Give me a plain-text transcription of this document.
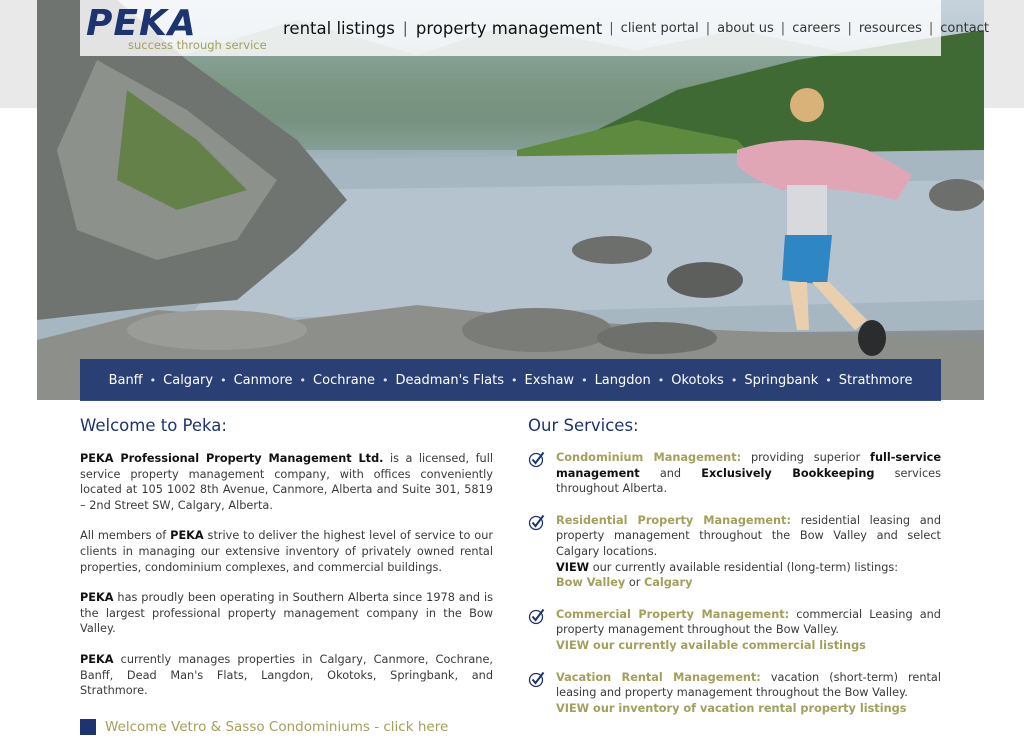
PEKA
success through service
rental listings | property management | client portal | about us | careers | resources | contact
Banff • Calgary • Canmore • Cochrane • Deadman's Flats • Exshaw • Langdon • Okotoks • Springbank • Strathmore
Welcome to Peka:

PEKA Professional Property Management Ltd. is a licensed, full service property management company, with offices conveniently located at 105 1002 8th Avenue, Canmore, Alberta and Suite 301, 5819 – 2nd Street SW, Calgary, Alberta.

All members of PEKA strive to deliver the highest level of service to our clients in managing our extensive inventory of privately owned rental properties, condominium complexes, and commercial buildings.

PEKA has proudly been operating in Southern Alberta since 1978 and is the largest professional property management company in the Bow Valley.

PEKA currently manages properties in Calgary, Canmore, Cochrane, Banff, Dead Man's Flats, Langdon, Okotoks, Springbank, and Strathmore.

Welcome Vetro & Sasso Condominiums - click here
Our Services:

Condominium Management: providing superior full-service management and Exclusively Bookkeeping services throughout Alberta.

Residential Property Management: residential leasing and property management throughout the Bow Valley and select Calgary locations.

VIEW our currently available residential (long-term) listings:

Bow Valley or Calgary

Commercial Property Management: commercial Leasing and property management throughout the Bow Valley.

VIEW our currently available commercial listings

Vacation Rental Management: vacation (short-term) rental leasing and property management throughout the Bow Valley.

VIEW our inventory of vacation rental property listings
